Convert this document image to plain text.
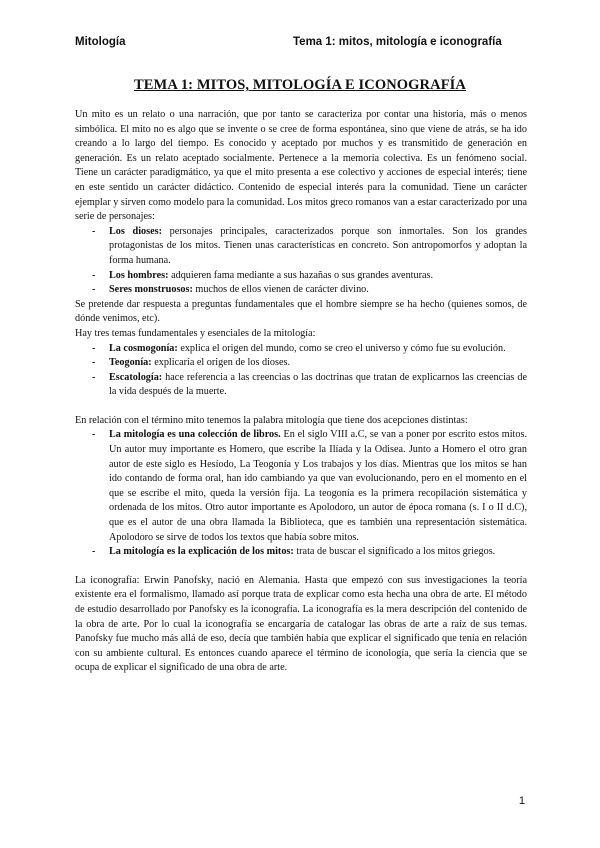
Mitología	Tema 1: mitos, mitología e iconografía
TEMA 1: MITOS, MITOLOGÍA E ICONOGRAFÍA

Un mito es un relato o una narración, que por tanto se caracteriza por contar una historia, más o menos simbólica. El mito no es algo que se invente o se cree de forma espontánea, sino que viene de atrás, se ha ido creando a lo largo del tiempo. Es conocido y aceptado por muchos y es transmitido de generación en generación. Es un relato aceptado socialmente. Pertenece a la memoria colectiva. Es un fenómeno social. Tiene un carácter paradigmático, ya que el mito presenta a ese colectivo y acciones de especial interés; tiene en este sentido un carácter didáctico. Contenido de especial interés para la comunidad. Tiene un carácter ejemplar y sirven como modelo para la comunidad. Los mitos greco romanos van a estar caracterizado por una serie de personajes:

- Los dioses: personajes principales, caracterizados porque son inmortales. Son los grandes protagonistas de los mitos. Tienen unas características en concreto. Son antropomorfos y adoptan la forma humana.
- Los hombres: adquieren fama mediante a sus hazañas o sus grandes aventuras.
- Seres monstruosos: muchos de ellos vienen de carácter divino.

Se pretende dar respuesta a preguntas fundamentales que el hombre siempre se ha hecho (quienes somos, de dónde venimos, etc).

Hay tres temas fundamentales y esenciales de la mitología:

- La cosmogonía: explica el origen del mundo, como se creo el universo y cómo fue su evolución.
- Teogonía: explicaría el origen de los dioses.
- Escatología: hace referencia a las creencias o las doctrinas que tratan de explicarnos las creencias de la vida después de la muerte.

En relación con el término mito tenemos la palabra mitología que tiene dos acepciones distintas:

- La mitología es una colección de libros. En el siglo VIII a.C, se van a poner por escrito estos mitos. Un autor muy importante es Homero, que escribe la Ilíada y la Odisea. Junto a Homero el otro gran autor de este siglo es Hesíodo, La Teogonía y Los trabajos y los días. Mientras que los mitos se han ido contando de forma oral, han ido cambiando ya que van evolucionando, pero en el momento en el que se escribe el mito, queda la versión fija. La teogonía es la primera recopilación sistemática y ordenada de los mitos. Otro autor importante es Apolodoro, un autor de época romana (s. I o II d.C), que es el autor de una obra llamada la Biblioteca, que es también una representación sistemática. Apolodoro se sirve de todos los textos que había sobre mitos.
- La mitología es la explicación de los mitos: trata de buscar el significado a los mitos griegos.

La iconografía: Erwin Panofsky, nació en Alemania. Hasta que empezó con sus investigaciones la teoría existente era el formalismo, llamado así porque trata de explicar como esta hecha una obra de arte. El método de estudio desarrollado por Panofsky es la iconografía. La iconografía es la mera descripción del contenido de la obra de arte. Por lo cual la iconografía se encargaría de catalogar las obras de arte a raíz de sus temas. Panofsky fue mucho más allá de eso, decía que también había que explicar el significado que tenía en relación con su ambiente cultural. Es entonces cuando aparece el término de iconología, que sería la ciencia que se ocupa de explicar el significado de una obra de arte.

1
